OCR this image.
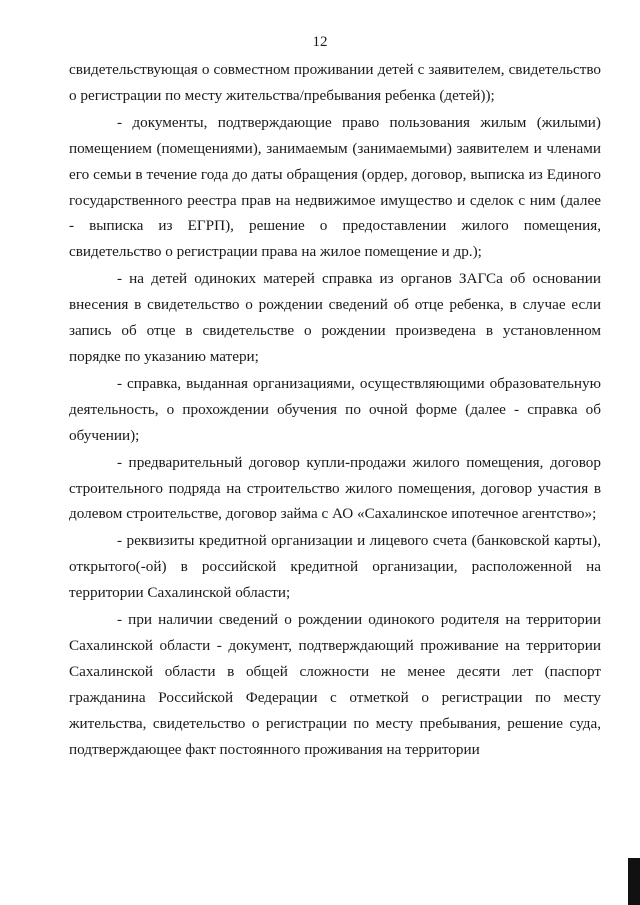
12

свидетельствующая о совместном проживании детей с заявителем, свидетельство о регистрации по месту жительства/пребывания ребенка (детей));

- документы, подтверждающие право пользования жилым (жилыми) помещением (помещениями), занимаемым (занимаемыми) заявителем и членами его семьи в течение года до даты обращения (ордер, договор, выписка из Единого государственного реестра прав на недвижимое имущество и сделок с ним (далее - выписка из ЕГРП), решение о предоставлении жилого помещения, свидетельство о регистрации права на жилое помещение и др.);

- на детей одиноких матерей справка из органов ЗАГСа об основании внесения в свидетельство о рождении сведений об отце ребенка, в случае если запись об отце в свидетельстве о рождении произведена в установленном порядке по указанию матери;

- справка, выданная организациями, осуществляющими образовательную деятельность, о прохождении обучения по очной форме (далее - справка об обучении);

- предварительный договор купли-продажи жилого помещения, договор строительного подряда на строительство жилого помещения, договор участия в долевом строительстве, договор займа с АО «Сахалинское ипотечное агентство»;

- реквизиты кредитной организации и лицевого счета (банковской карты), открытого(-ой) в российской кредитной организации, расположенной на территории Сахалинской области;

- при наличии сведений о рождении одинокого родителя на территории Сахалинской области - документ, подтверждающий проживание на территории Сахалинской области в общей сложности не менее десяти лет (паспорт гражданина Российской Федерации с отметкой о регистрации по месту жительства, свидетельство о регистрации по месту пребывания, решение суда, подтверждающее факт постоянного проживания на территории
